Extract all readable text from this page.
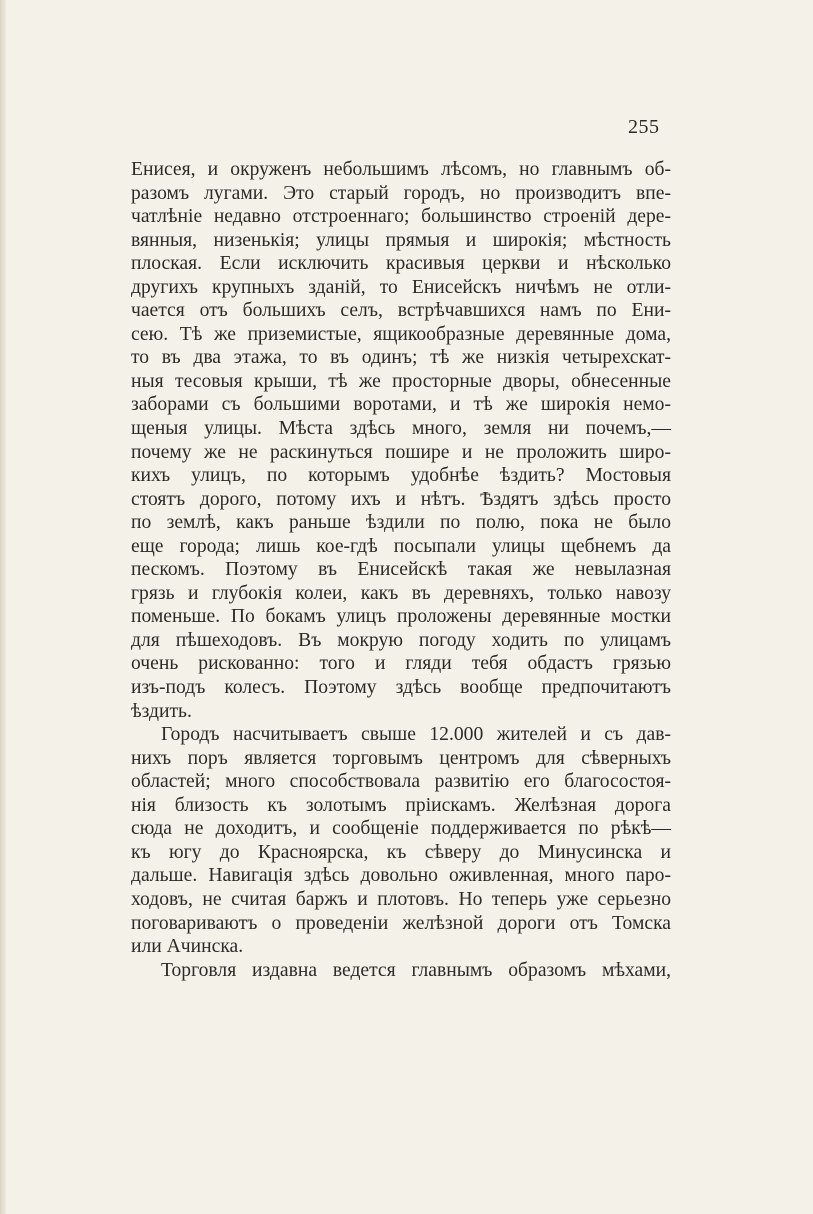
255
Енисея, и окруженъ небольшимъ лѣсомъ, но главнымъ об-
разомъ лугами. Это старый городъ, но производитъ впе-
чатлѣніе недавно отстроеннаго; большинство строеній дере-
вянныя, низенькія; улицы прямыя и широкія; мѣстность
плоская. Если исключить красивыя церкви и нѣсколько
другихъ крупныхъ зданій, то Енисейскъ ничѣмъ не отли-
чается отъ большихъ селъ, встрѣчавшихся намъ по Ени-
сею. Тѣ же приземистые, ящикообразные деревянные дома,
то въ два этажа, то въ одинъ; тѣ же низкія четырехскат-
ныя тесовыя крыши, тѣ же просторные дворы, обнесенные
заборами съ большими воротами, и тѣ же широкія немо-
щеныя улицы. Мѣста здѣсь много, земля ни почемъ,—
почему же не раскинуться пошире и не проложить широ-
кихъ улицъ, по которымъ удобнѣе ѣздить? Мостовыя
стоятъ дорого, потому ихъ и нѣтъ. Ѣздятъ здѣсь просто
по землѣ, какъ раньше ѣздили по полю, пока не было
еще города; лишь кое-гдѣ посыпали улицы щебнемъ да
пескомъ. Поэтому въ Енисейскѣ такая же невылазная
грязь и глубокія колеи, какъ въ деревняхъ, только навозу
поменьше. По бокамъ улицъ проложены деревянные мостки
для пѣшеходовъ. Въ мокрую погоду ходить по улицамъ
очень рискованно: того и гляди тебя обдастъ грязью
изъ-подъ колесъ. Поэтому здѣсь вообще предпочитаютъ
ѣздить.
Городъ насчитываетъ свыше 12.000 жителей и съ дав-
нихъ поръ является торговымъ центромъ для сѣверныхъ
областей; много способствовала развитію его благосостоя-
нія близость къ золотымъ пріискамъ. Желѣзная дорога
сюда не доходитъ, и сообщеніе поддерживается по рѣкѣ—
къ югу до Красноярска, къ сѣверу до Минусинска и
дальше. Навигація здѣсь довольно оживленная, много паро-
ходовъ, не считая баржъ и плотовъ. Но теперь уже серьезно
поговариваютъ о проведеніи желѣзной дороги отъ Томска
или Ачинска.
Торговля издавна ведется главнымъ образомъ мѣхами,
